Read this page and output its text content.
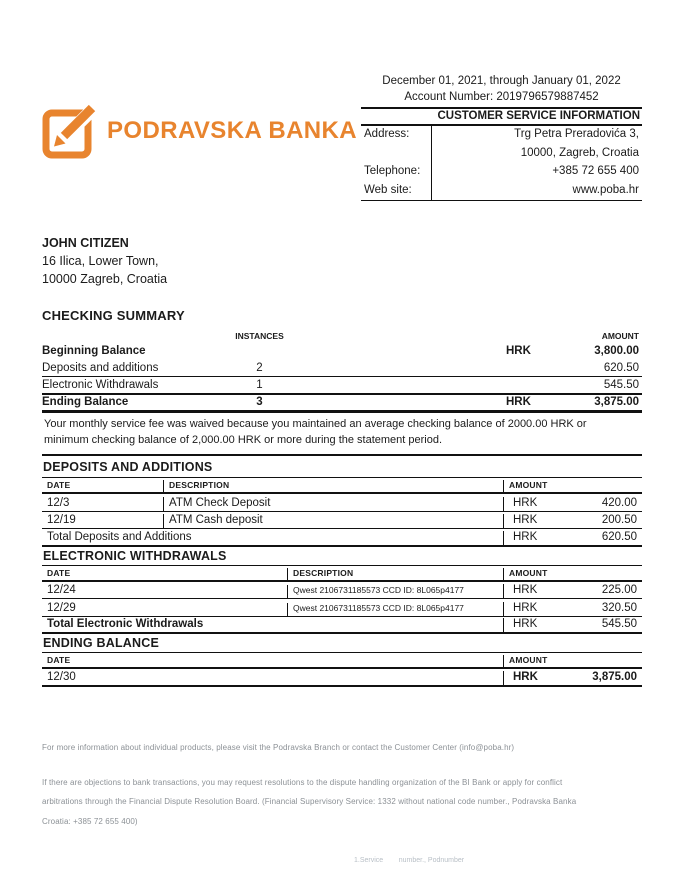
PODRAVSKA BANKA
December 01, 2021, through January 01, 2022
Account Number: 2019796579887452
CUSTOMER SERVICE INFORMATION
Address:	Trg Petra Preradovića 3,
10000, Zagreb, Croatia
Telephone:	+385 72 655 400
Web site:	www.poba.hr
JOHN CITIZEN
16 Ilica, Lower Town,
10000 Zagreb, Croatia
CHECKING SUMMARY
INSTANCES	AMOUNT
Beginning Balance	HRK	3,800.00
Deposits and additions	2	620.50
Electronic Withdrawals	1	545.50
Ending Balance	3	HRK	3,875.00
Your monthly service fee was waived because you maintained an average checking balance of 2000.00 HRK or
minimum checking balance of 2,000.00 HRK or more during the statement period.
DEPOSITS AND ADDITIONS
DATE	DESCRIPTION	AMOUNT
12/3	ATM Check Deposit	HRK	420.00
12/19	ATM Cash deposit	HRK	200.50
Total Deposits and Additions	HRK	620.50
ELECTRONIC WITHDRAWALS
DATE	DESCRIPTION	AMOUNT
12/24	Qwest 2106731185573 CCD ID: 8L065p4177	HRK	225.00
12/29	Qwest 2106731185573 CCD ID: 8L065p4177	HRK	320.50
Total Electronic Withdrawals	HRK	545.50
ENDING BALANCE
DATE	AMOUNT
12/30	HRK	3,875.00
For more information about individual products, please visit the Podravska Branch or contact the Customer Center (info@poba.hr)
If there are objections to bank transactions, you may request resolutions to the dispute handling organization of the BI Bank or apply for conflict
arbitrations through the Financial Dispute Resolution Board. (Financial Supervisory Service: 1332 without national code number., Podravska Banka
Croatia: +385 72 655 400)
1.Service        number., Podnumber
